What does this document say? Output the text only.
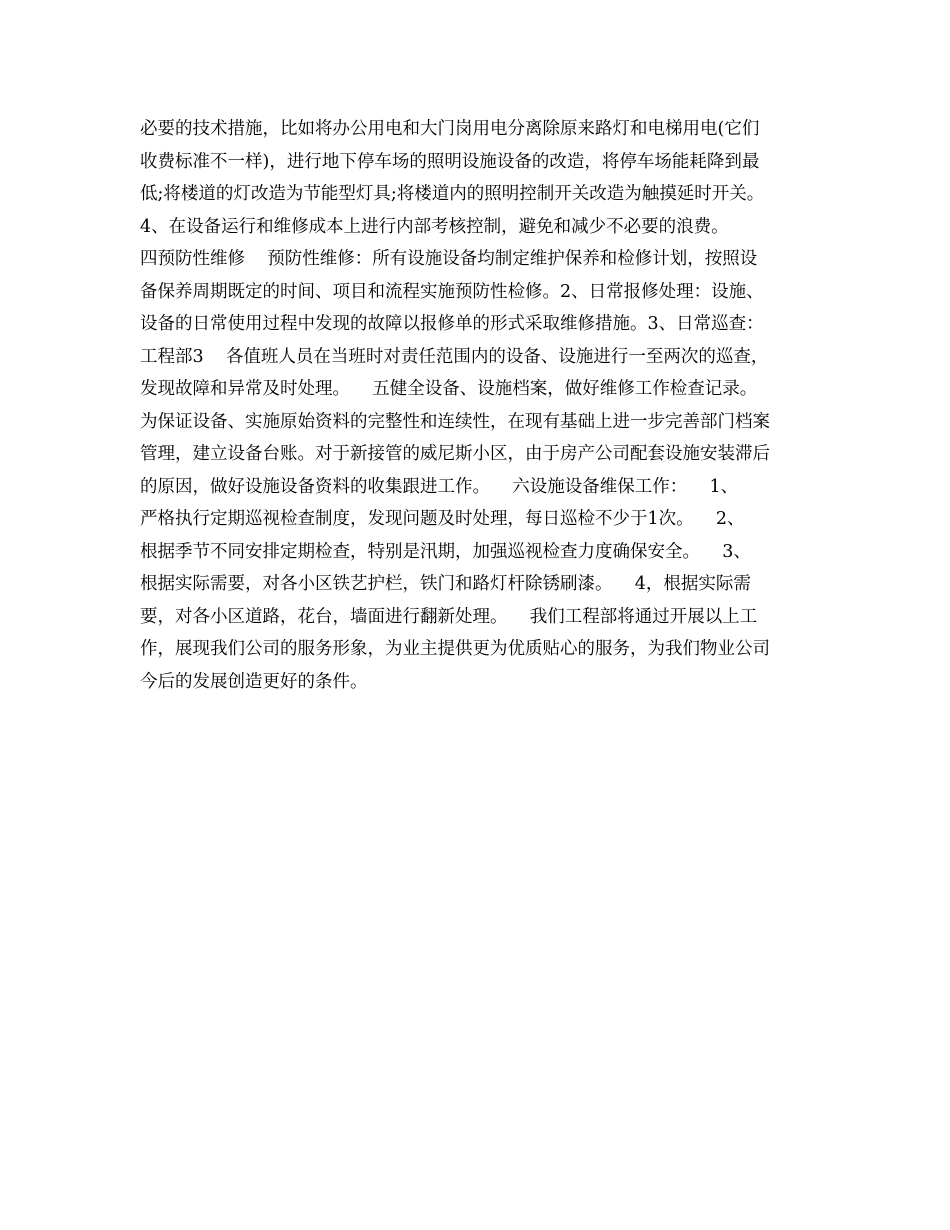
必要的技术措施，比如将办公用电和大门岗用电分离除原来路灯和电梯用电(它们
收费标准不一样)，进行地下停车场的照明设施设备的改造，将停车场能耗降到最
低;将楼道的灯改造为节能型灯具;将楼道内的照明控制开关改造为触摸延时开关。
4、在设备运行和维修成本上进行内部考核控制，避免和减少不必要的浪费。
四预防性维修    预防性维修：所有设施设备均制定维护保养和检修计划，按照设
备保养周期既定的时间、项目和流程实施预防性检修。2、日常报修处理：设施、
设备的日常使用过程中发现的故障以报修单的形式采取维修措施。3、日常巡查：
工程部3    各值班人员在当班时对责任范围内的设备、设施进行一至两次的巡查，
发现故障和异常及时处理。    五健全设备、设施档案，做好维修工作检查记录。
为保证设备、实施原始资料的完整性和连续性，在现有基础上进一步完善部门档案
管理，建立设备台账。对于新接管的威尼斯小区，由于房产公司配套设施安装滞后
的原因，做好设施设备资料的收集跟进工作。    六设施设备维保工作：    1、
严格执行定期巡视检查制度，发现问题及时处理，每日巡检不少于1次。    2、
根据季节不同安排定期检查，特别是汛期，加强巡视检查力度确保安全。    3、
根据实际需要，对各小区铁艺护栏，铁门和路灯杆除锈刷漆。    4，根据实际需
要，对各小区道路，花台，墙面进行翻新处理。    我们工程部将通过开展以上工
作，展现我们公司的服务形象，为业主提供更为优质贴心的服务，为我们物业公司
今后的发展创造更好的条件。
